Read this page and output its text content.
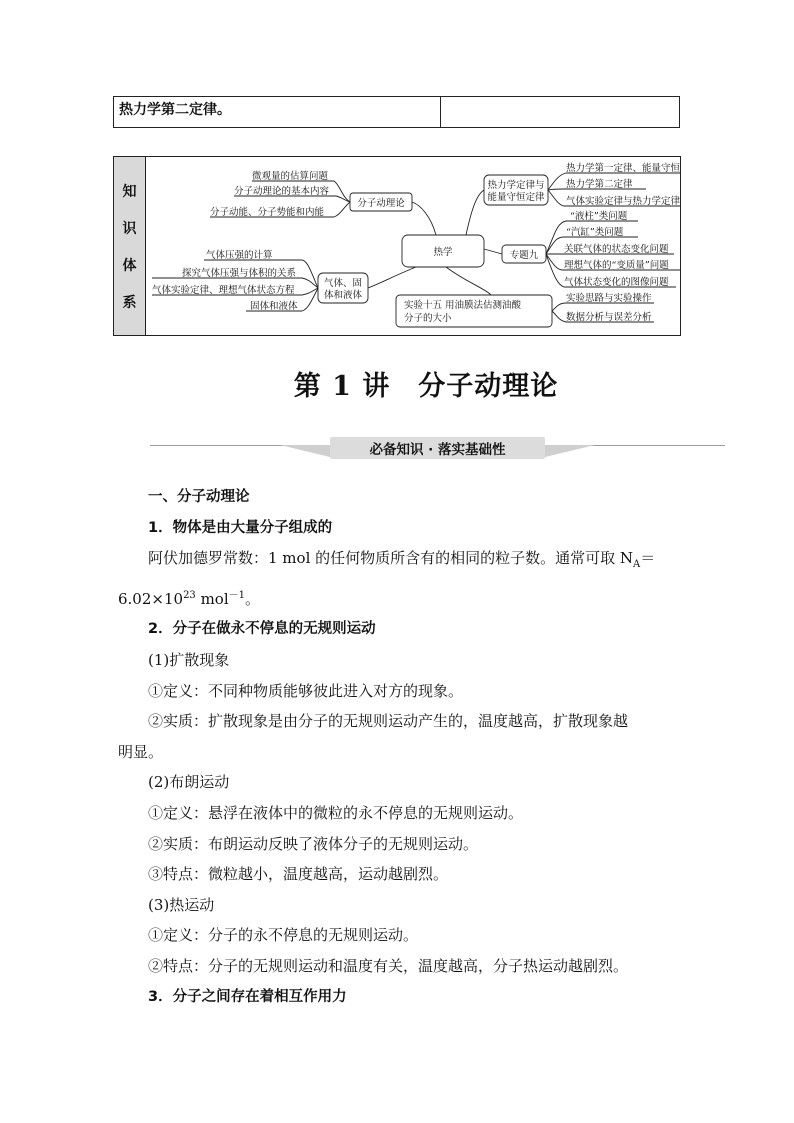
热力学第二定律。
知
识
体
系
热学
分子动理论
热力学定律与
能量守恒定律
专题九
气体、固
体和液体
实验十五 用油膜法估测油酸
分子的大小
微观量的估算问题
分子动理论的基本内容
分子动能、分子势能和内能
热力学第一定律、能量守恒
热力学第二定律
气体实验定律与热力学定律
“液柱”类问题
“汽缸”类问题
关联气体的状态变化问题
理想气体的“变质量”问题
气体状态变化的图像问题
气体压强的计算
探究气体压强与体积的关系
气体实验定律、理想气体状态方程
固体和液体
实验思路与实验操作
数据分析与误差分析
第 1 讲　分子动理论
必备知识 · 落实基础性

一、分子动理论

1．物体是由大量分子组成的

阿伏加德罗常数：1 mol 的任何物质所含有的相同的粒子数。通常可取 $N_A=$

$6.02\times 10^{23}$ mol$^{-1}$。

2．分子在做永不停息的无规则运动

(1)扩散现象

①定义：不同种物质能够彼此进入对方的现象。

②实质：扩散现象是由分子的无规则运动产生的，温度越高，扩散现象越

明显。

(2)布朗运动

①定义：悬浮在液体中的微粒的永不停息的无规则运动。

②实质：布朗运动反映了液体分子的无规则运动。

③特点：微粒越小，温度越高，运动越剧烈。

(3)热运动

①定义：分子的永不停息的无规则运动。

②特点：分子的无规则运动和温度有关，温度越高，分子热运动越剧烈。

3．分子之间存在着相互作用力
